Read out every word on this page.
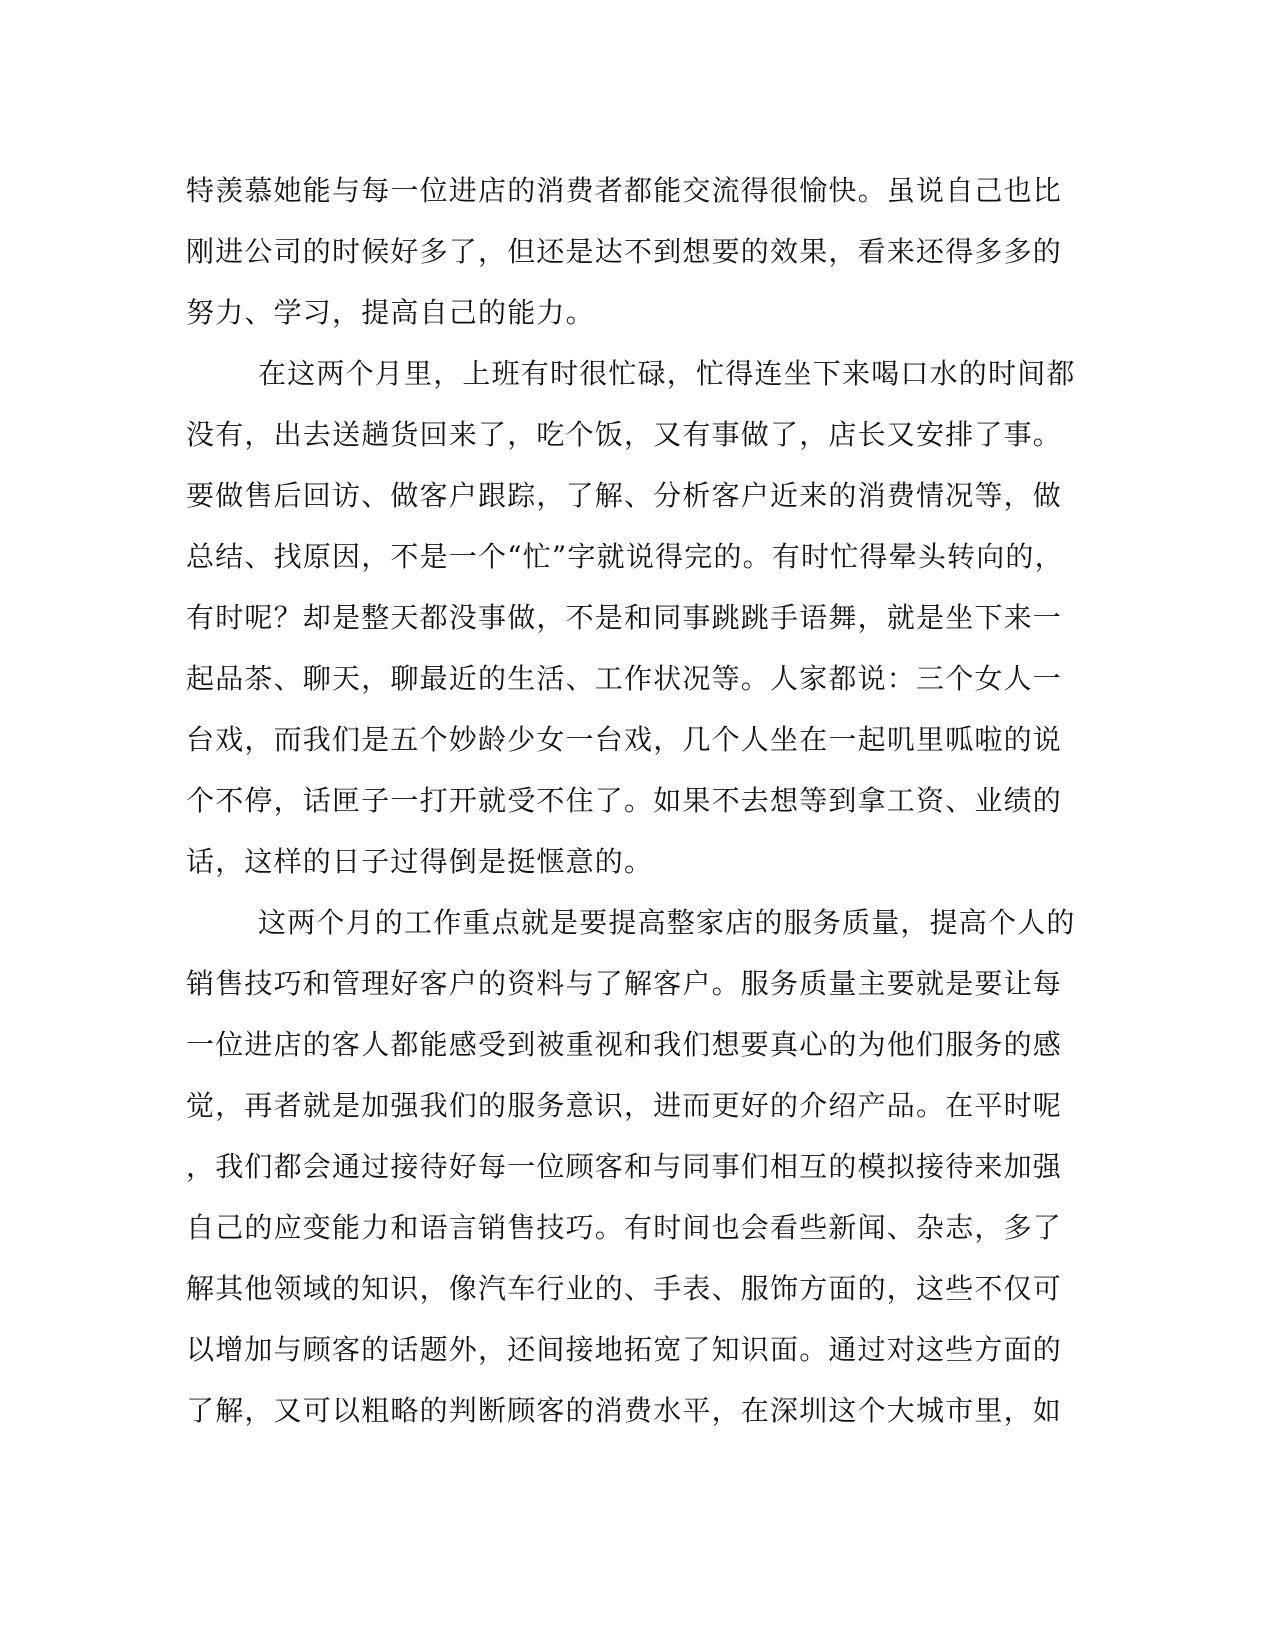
特羡慕她能与每一位进店的消费者都能交流得很愉快。虽说自己也比
刚进公司的时候好多了，但还是达不到想要的效果，看来还得多多的
努力、学习，提高自己的能力。
在这两个月里，上班有时很忙碌，忙得连坐下来喝口水的时间都
没有，出去送趟货回来了，吃个饭，又有事做了，店长又安排了事。
要做售后回访、做客户跟踪，了解、分析客户近来的消费情况等，做
总结、找原因，不是一个“忙”字就说得完的。有时忙得晕头转向的，
有时呢？却是整天都没事做，不是和同事跳跳手语舞，就是坐下来一
起品茶、聊天，聊最近的生活、工作状况等。人家都说：三个女人一
台戏，而我们是五个妙龄少女一台戏，几个人坐在一起叽里呱啦的说
个不停，话匣子一打开就受不住了。如果不去想等到拿工资、业绩的
话，这样的日子过得倒是挺惬意的。
这两个月的工作重点就是要提高整家店的服务质量，提高个人的
销售技巧和管理好客户的资料与了解客户。服务质量主要就是要让每
一位进店的客人都能感受到被重视和我们想要真心的为他们服务的感
觉，再者就是加强我们的服务意识，进而更好的介绍产品。在平时呢
，我们都会通过接待好每一位顾客和与同事们相互的模拟接待来加强
自己的应变能力和语言销售技巧。有时间也会看些新闻、杂志，多了
解其他领域的知识，像汽车行业的、手表、服饰方面的，这些不仅可
以增加与顾客的话题外，还间接地拓宽了知识面。通过对这些方面的
了解，又可以粗略的判断顾客的消费水平，在深圳这个大城市里，如
